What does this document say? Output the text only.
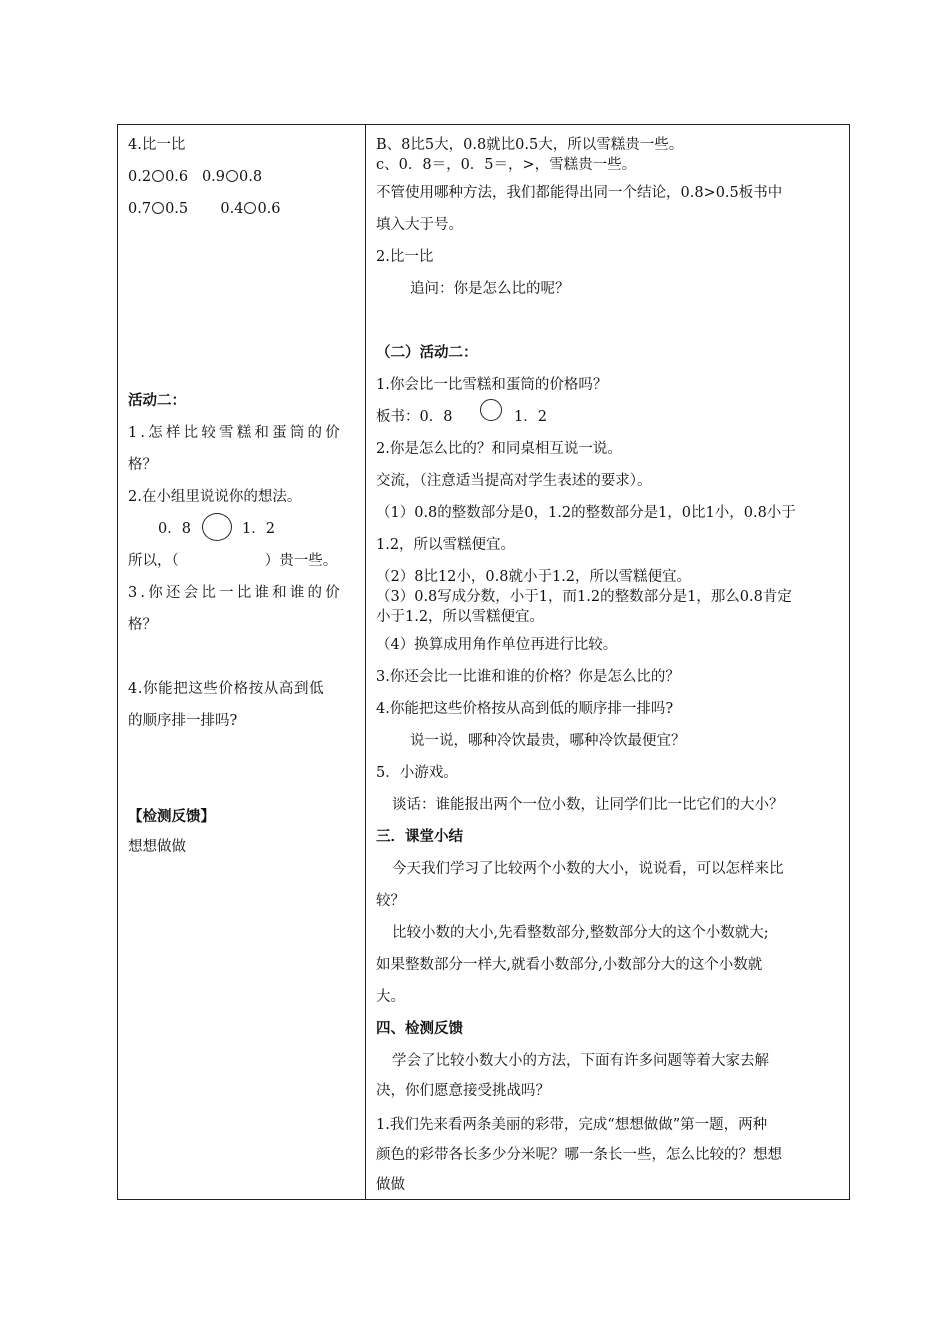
4.比一比
0.2 0.6 0.9 0.8
0.7 0.5 0.4 0.6
活动二：
1.怎样比较雪糕和蛋筒的价
格？
2.在小组里说说你的想法。
0．8	1．2
所以，（	）贵一些。
3.你还会比一比谁和谁的价
格？
4.你能把这些价格按从高到低
的顺序排一排吗?
【检测反馈】
想想做做
B、8比5大，0.8就比0.5大，所以雪糕贵一些。
c、0．8＝，0．5＝，>，雪糕贵一些。
不管使用哪种方法，我们都能得出同一个结论，0.8>0.5板书中
填入大于号。
2.比一比
追问：你是怎么比的呢？
（二）活动二：
1.你会比一比雪糕和蛋筒的价格吗？
板书：0．8	1．2
2.你是怎么比的？和同桌相互说一说。
交流，（注意适当提高对学生表述的要求）。
（1）0.8的整数部分是0，1.2的整数部分是1，0比1小，0.8小于
1.2，所以雪糕便宜。
（2）8比12小，0.8就小于1.2，所以雪糕便宜。
（3）0.8写成分数，小于1，而1.2的整数部分是1，那么0.8肯定
小于1.2，所以雪糕便宜。
（4）换算成用角作单位再进行比较。
3.你还会比一比谁和谁的价格？你是怎么比的？
4.你能把这些价格按从高到低的顺序排一排吗?
说一说，哪种冷饮最贵，哪种冷饮最便宜？
5．小游戏。
谈话：谁能报出两个一位小数，让同学们比一比它们的大小？
三．课堂小结
今天我们学习了比较两个小数的大小，说说看，可以怎样来比
较？
比较小数的大小,先看整数部分,整数部分大的这个小数就大;
如果整数部分一样大,就看小数部分,小数部分大的这个小数就
大。
四、检测反馈
学会了比较小数大小的方法，下面有许多问题等着大家去解
决，你们愿意接受挑战吗？
1.我们先来看两条美丽的彩带，完成“想想做做”第一题，两种
颜色的彩带各长多少分米呢？哪一条长一些，怎么比较的？想想
做做
